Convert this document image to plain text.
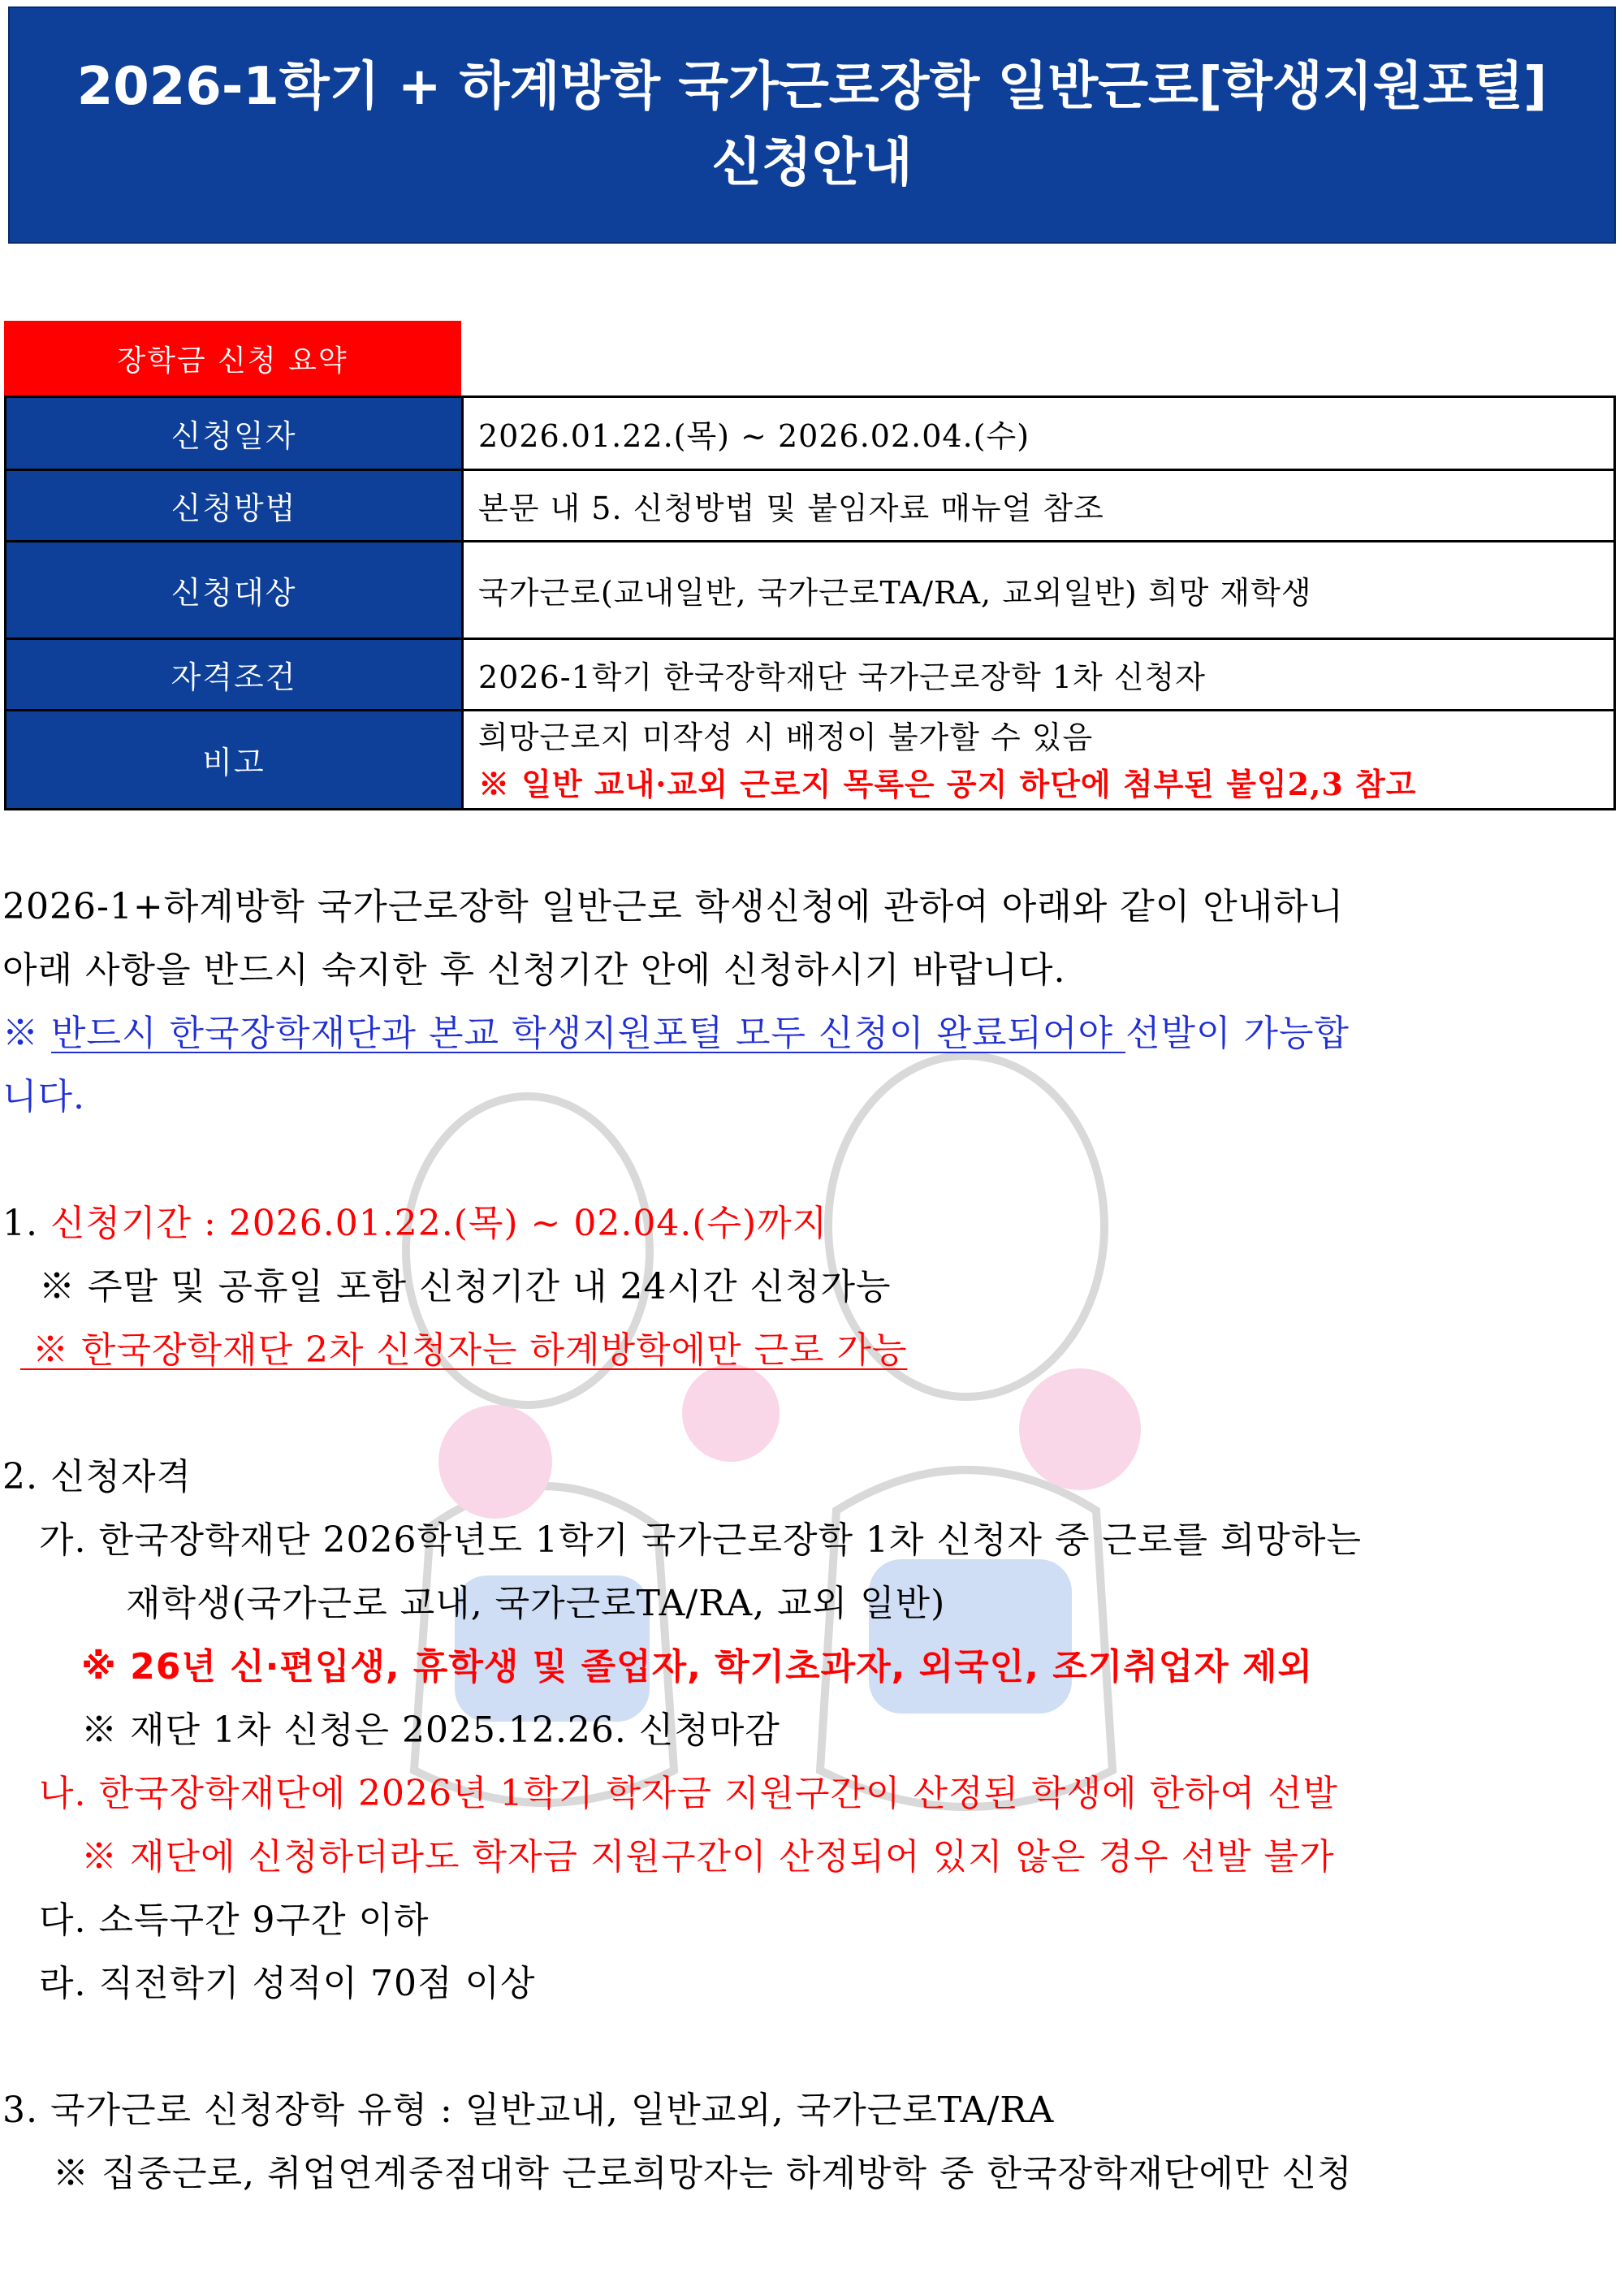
2026-1학기 + 하계방학 국가근로장학 일반근로[학생지원포털]
신청안내
장학금 신청 요약
신청일자	2026.01.22.(목) ~ 2026.02.04.(수)
신청방법	본문 내 5. 신청방법 및 붙임자료 매뉴얼 참조
신청대상	국가근로(교내일반, 국가근로TA/RA, 교외일반) 희망 재학생
자격조건	2026-1학기 한국장학재단 국가근로장학 1차 신청자
비고	희망근로지 미작성 시 배정이 불가할 수 있음
※ 일반 교내·교외 근로지 목록은 공지 하단에 첨부된 붙임2,3 참고
2026-1+하계방학 국가근로장학 일반근로 학생신청에 관하여 아래와 같이 안내하니
아래 사항을 반드시 숙지한 후 신청기간 안에 신청하시기 바랍니다.
※ 반드시 한국장학재단과 본교 학생지원포털 모두 신청이 완료되어야 선발이 가능합
니다.
1. 신청기간 : 2026.01.22.(목) ~ 02.04.(수)까지
※ 주말 및 공휴일 포함 신청기간 내 24시간 신청가능
※ 한국장학재단 2차 신청자는 하계방학에만 근로 가능
2. 신청자격
가. 한국장학재단 2026학년도 1학기 국가근로장학 1차 신청자 중 근로를 희망하는
재학생(국가근로 교내, 국가근로TA/RA, 교외 일반)
※ 26년 신·편입생, 휴학생 및 졸업자, 학기초과자, 외국인, 조기취업자 제외
※ 재단 1차 신청은 2025.12.26. 신청마감
나. 한국장학재단에 2026년 1학기 학자금 지원구간이 산정된 학생에 한하여 선발
※ 재단에 신청하더라도 학자금 지원구간이 산정되어 있지 않은 경우 선발 불가
다. 소득구간 9구간 이하
라. 직전학기 성적이 70점 이상
3. 국가근로 신청장학 유형 : 일반교내, 일반교외, 국가근로TA/RA
※ 집중근로, 취업연계중점대학 근로희망자는 하계방학 중 한국장학재단에만 신청
